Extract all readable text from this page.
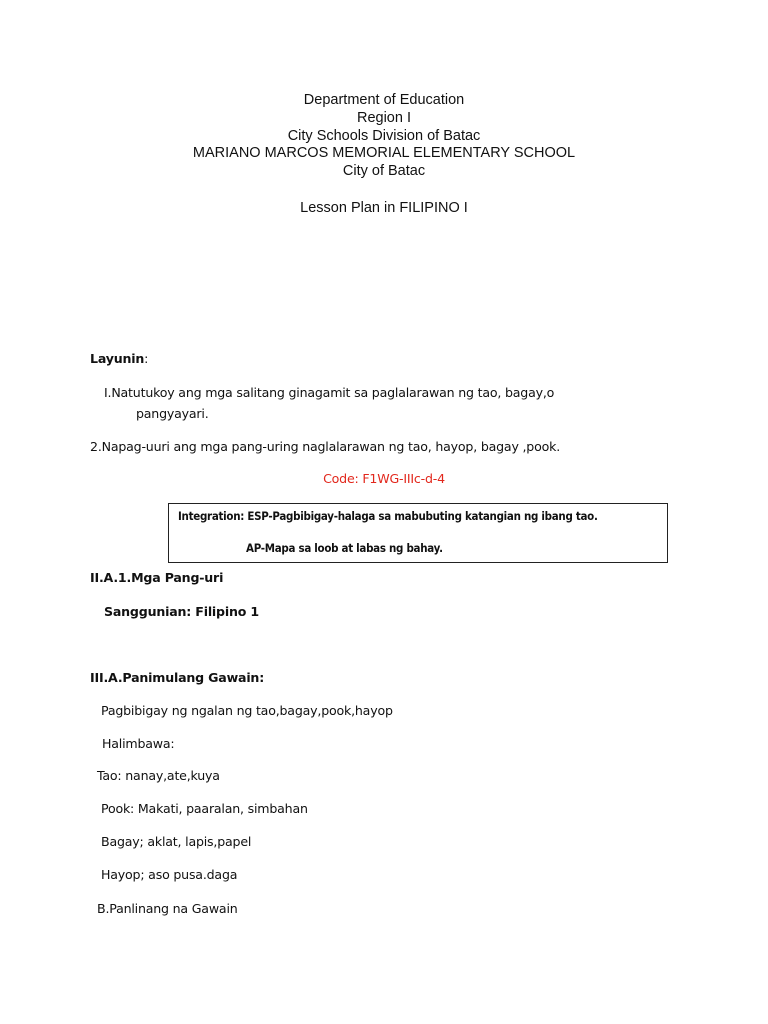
Department of Education
Region I
City Schools Division of Batac
MARIANO MARCOS MEMORIAL ELEMENTARY SCHOOL
City of Batac
Lesson Plan in FILIPINO I
Layunin:
I.Natutukoy ang mga salitang ginagamit sa paglalarawan ng tao, bagay,o
pangyayari.
2.Napag-uuri ang mga pang-uring naglalarawan ng tao, hayop, bagay ,pook.
Code: F1WG-IIIc-d-4
Integration: ESP-Pagbibigay-halaga sa mabubuting katangian ng ibang tao.
AP-Mapa sa loob at labas ng bahay.
II.A.1.Mga Pang-uri
Sanggunian: Filipino 1
III.A.Panimulang Gawain:
Pagbibigay ng ngalan ng tao,bagay,pook,hayop
Halimbawa:
Tao: nanay,ate,kuya
Pook: Makati, paaralan, simbahan
Bagay; aklat, lapis,papel
Hayop; aso pusa.daga
B.Panlinang na Gawain
